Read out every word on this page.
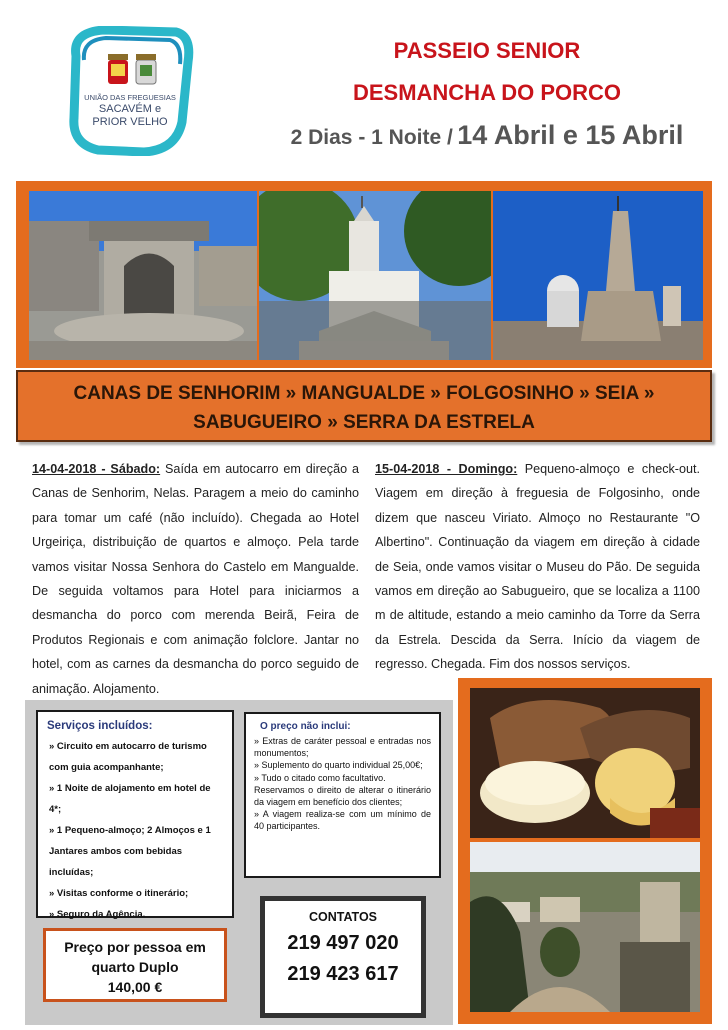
UNIÃO DAS FREGUESIAS
SACAVÉM e
PRIOR VELHO
PASSEIO SENIOR
DESMANCHA DO PORCO
2 Dias - 1 Noite / 14 Abril e 15 Abril
CANAS DE SENHORIM » MANGUALDE » FOLGOSINHO » SEIA »
SABUGUEIRO » SERRA DA ESTRELA
14-04-2018 - Sábado: Saída em autocarro em direção a Canas de Senhorim, Nelas. Paragem a meio do caminho para tomar um café (não incluído). Chegada ao Hotel Urgeiriça, distribuição de quartos e almoço. Pela tarde vamos visitar Nossa Senhora do Castelo em Mangualde. De seguida voltamos para Hotel para iniciarmos a desmancha do porco com merenda Beirã, Feira de Produtos Regionais e com animação folclore. Jantar no hotel, com as carnes da desmancha do porco seguido de animação. Alojamento.
15-04-2018 - Domingo: Pequeno-almoço e check-out. Viagem em direção à freguesia de Folgosinho, onde dizem que nasceu Viriato. Almoço no Restaurante "O Albertino". Continuação da viagem em direção à cidade de Seia, onde vamos visitar o Museu do Pão. De seguida vamos em direção ao Sabugueiro, que se localiza a 1100 m de altitude, estando a meio caminho da Torre da Serra da Estrela. Descida da Serra. Início da viagem de regresso. Chegada. Fim dos nossos serviços.
Serviços incluídos:
» Circuito em autocarro de turismo com guia acompanhante;
» 1 Noite de alojamento em hotel de 4*;
» 1 Pequeno-almoço; 2 Almoços e 1 Jantares ambos com bebidas incluídas;
» Visitas conforme o itinerário;
» Seguro da Agência.
O preço não inclui:
» Extras de caráter pessoal e entradas nos monumentos;
» Suplemento do quarto individual 25,00€;
» Tudo o citado como facultativo.
Reservamos o direito de alterar o itinerário da viagem em benefício dos clientes;
» A viagem realiza-se com um mínimo de 40 participantes.
Preço por pessoa em
quarto Duplo
140,00 €
CONTATOS
219 497 020
219 423 617
